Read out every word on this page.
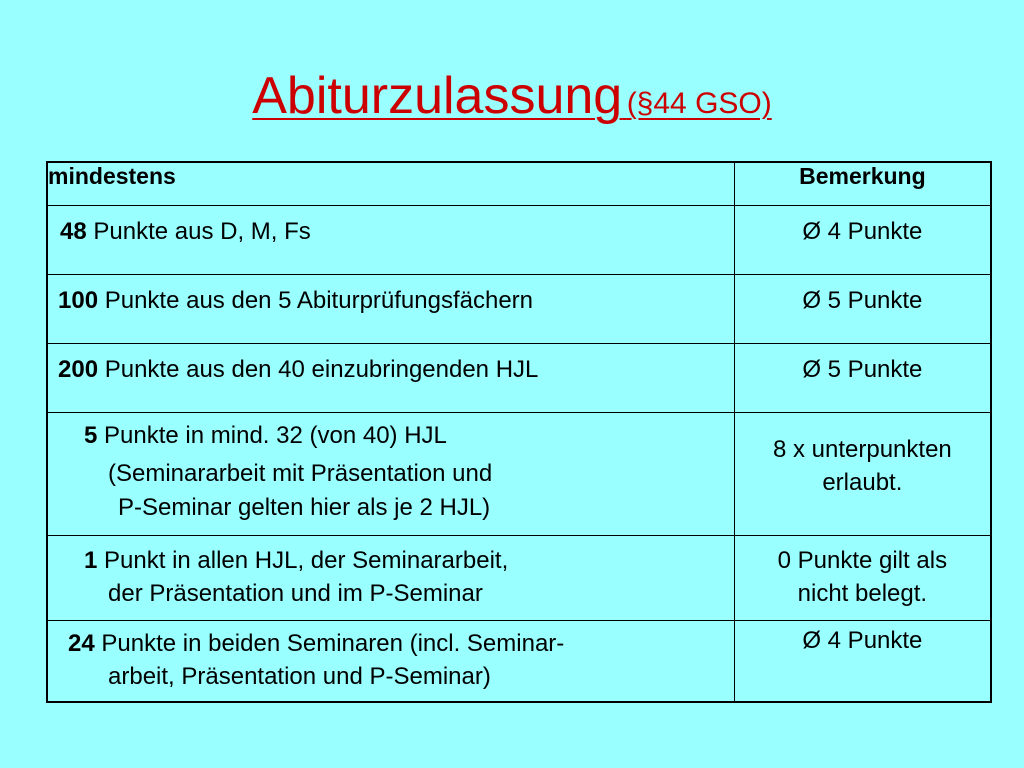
Abiturzulassung (§44 GSO)
mindestens	Bemerkung
48 Punkte aus D, M, Fs	Ø 4 Punkte
100 Punkte aus den 5 Abiturprüfungsfächern	Ø 5 Punkte
200 Punkte aus den 40 einzubringenden HJL	Ø 5 Punkte

5 Punkte in mind. 32 (von 40) HJL
(Seminararbeit mit Präsentation und
P-Seminar gelten hier als je 2 HJL)	8 x unterpunkten
erlaubt.

1 Punkt in allen HJL, der Seminararbeit,
der Präsentation und im P-Seminar	0 Punkte gilt als
nicht belegt.

24 Punkte in beiden Seminaren (incl. Seminar-
arbeit, Präsentation und P-Seminar)	Ø 4 Punkte
